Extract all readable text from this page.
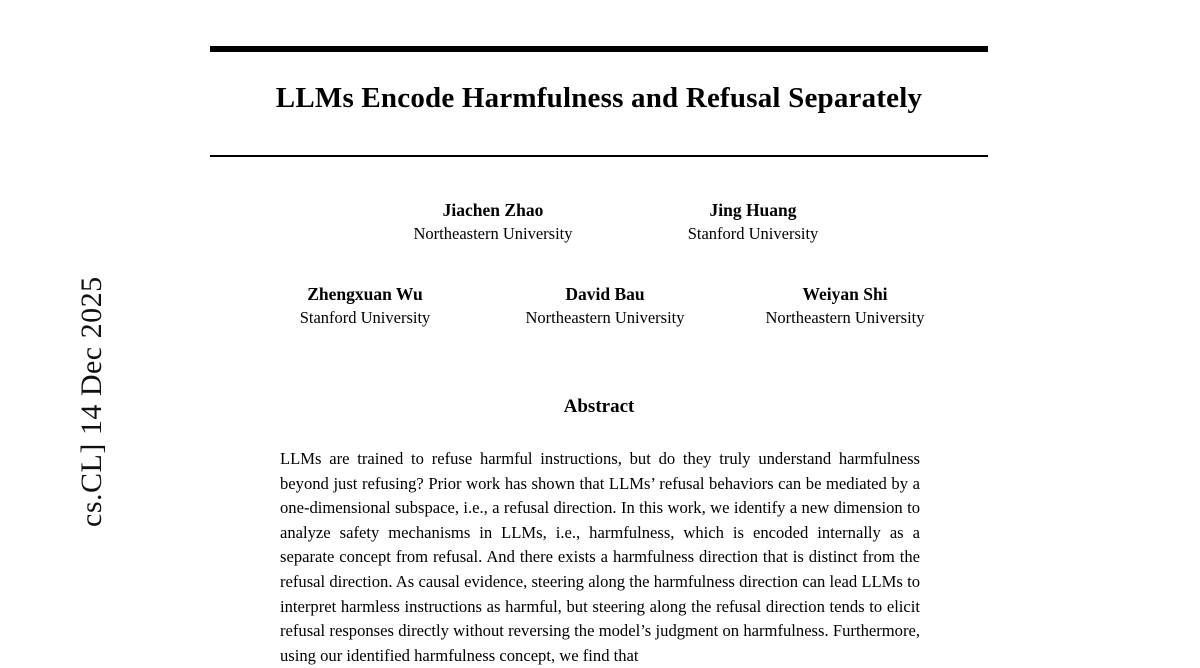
cs.CL] 14 Dec 2025
LLMs Encode Harmfulness and Refusal Separately
Jiachen Zhao
Northeastern University
Jing Huang
Stanford University
Zhengxuan Wu
Stanford University
David Bau
Northeastern University
Weiyan Shi
Northeastern University
Abstract
LLMs are trained to refuse harmful instructions, but do they truly understand harmfulness beyond just refusing? Prior work has shown that LLMs’ refusal behaviors can be mediated by a one-dimensional subspace, i.e., a refusal direction. In this work, we identify a new dimension to analyze safety mechanisms in LLMs, i.e., harmfulness, which is encoded internally as a separate concept from refusal. And there exists a harmfulness direction that is distinct from the refusal direction. As causal evidence, steering along the harmfulness direction can lead LLMs to interpret harmless instructions as harmful, but steering along the refusal direction tends to elicit refusal responses directly without reversing the model’s judgment on harmfulness. Furthermore, using our identified harmfulness concept, we find that
